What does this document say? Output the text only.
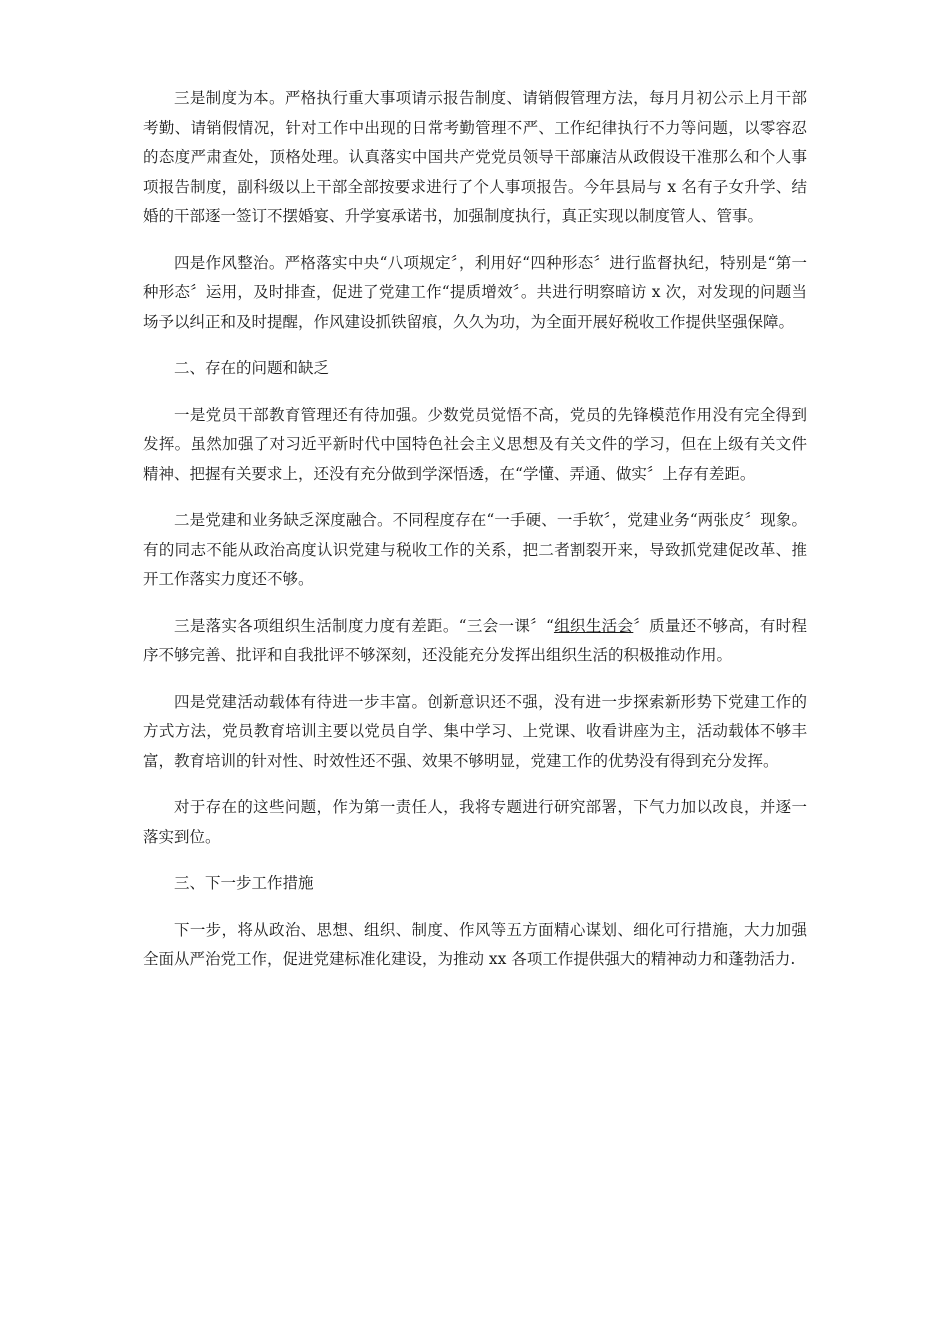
三是制度为本。严格执行重大事项请示报告制度、请销假管理方法，每月月初公示上月干部考勤、请销假情况，针对工作中出现的日常考勤管理不严、工作纪律执行不力等问题，以零容忍的态度严肃查处，顶格处理。认真落实中国共产党党员领导干部廉洁从政假设干准那么和个人事项报告制度，副科级以上干部全部按要求进行了个人事项报告。今年县局与 x 名有子女升学、结婚的干部逐一签订不摆婚宴、升学宴承诺书，加强制度执行，真正实现以制度管人、管事。

四是作风整治。严格落实中央“八项规定〞，利用好“四种形态〞进行监督执纪，特别是“第一种形态〞运用，及时排查，促进了党建工作“提质增效〞。共进行明察暗访 x 次，对发现的问题当场予以纠正和及时提醒，作风建设抓铁留痕，久久为功，为全面开展好税收工作提供坚强保障。

二、存在的问题和缺乏

一是党员干部教育管理还有待加强。少数党员觉悟不高，党员的先锋模范作用没有完全得到发挥。虽然加强了对习近平新时代中国特色社会主义思想及有关文件的学习，但在上级有关文件精神、把握有关要求上，还没有充分做到学深悟透，在“学懂、弄通、做实〞上存有差距。

二是党建和业务缺乏深度融合。不同程度存在“一手硬、一手软〞，党建业务“两张皮〞现象。有的同志不能从政治高度认识党建与税收工作的关系，把二者割裂开来，导致抓党建促改革、推开工作落实力度还不够。

三是落实各项组织生活制度力度有差距。“三会一课〞“组织生活会〞质量还不够高，有时程序不够完善、批评和自我批评不够深刻，还没能充分发挥出组织生活的积极推动作用。

四是党建活动载体有待进一步丰富。创新意识还不强，没有进一步探索新形势下党建工作的方式方法，党员教育培训主要以党员自学、集中学习、上党课、收看讲座为主，活动载体不够丰富，教育培训的针对性、时效性还不强、效果不够明显，党建工作的优势没有得到充分发挥。

对于存在的这些问题，作为第一责任人，我将专题进行研究部署，下气力加以改良，并逐一落实到位。

三、下一步工作措施

下一步，将从政治、思想、组织、制度、作风等五方面精心谋划、细化可行措施，大力加强全面从严治党工作，促进党建标准化建设，为推动 xx 各项工作提供强大的精神动力和蓬勃活力.
